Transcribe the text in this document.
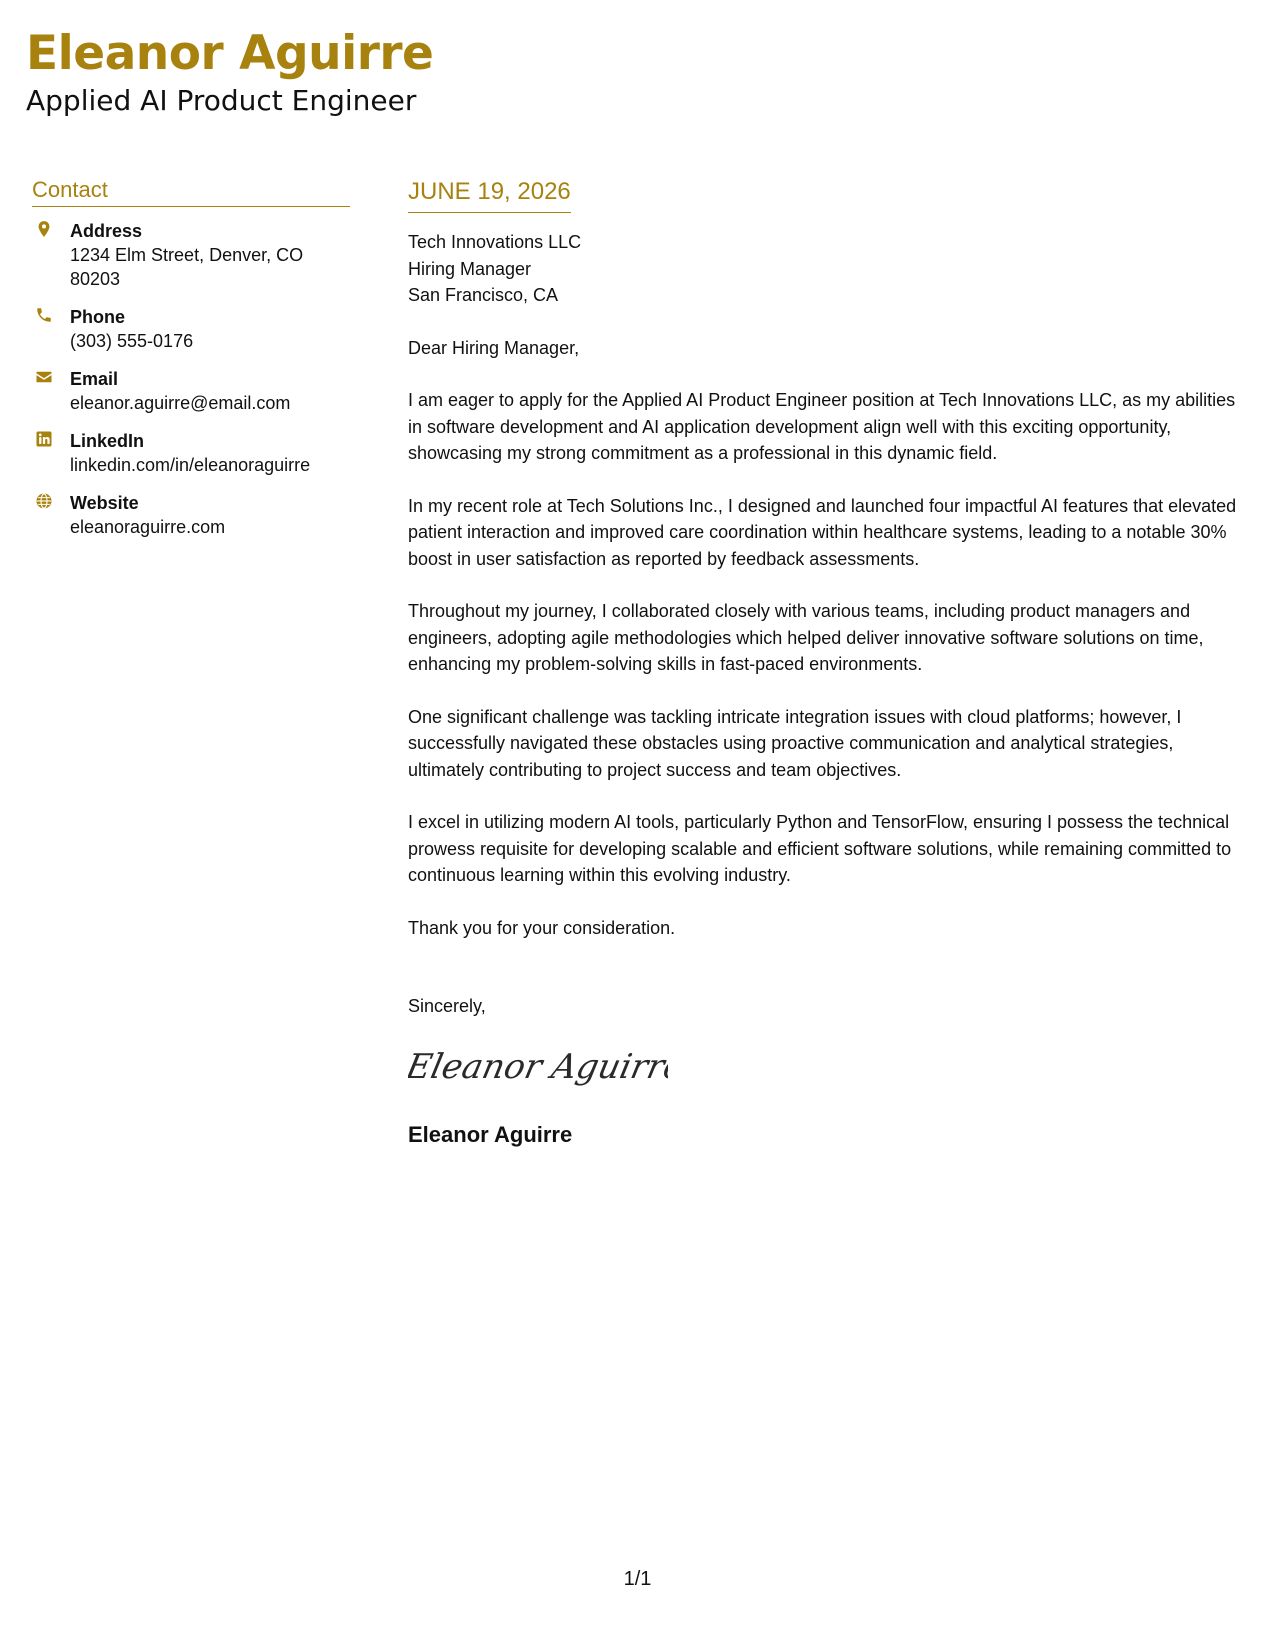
Eleanor Aguirre
Applied AI Product Engineer
Contact
Address
1234 Elm Street, Denver, CO 80203
Phone
(303) 555-0176
Email
eleanor.aguirre@email.com
LinkedIn
linkedin.com/in/eleanoraguirre
Website
eleanoraguirre.com
JUNE 19, 2026
Tech Innovations LLC
Hiring Manager
San Francisco, CA
Dear Hiring Manager,

I am eager to apply for the Applied AI Product Engineer position at Tech Innovations LLC, as my abilities in software development and AI application development align well with this exciting opportunity, showcasing my strong commitment as a professional in this dynamic field.

In my recent role at Tech Solutions Inc., I designed and launched four impactful AI features that elevated patient interaction and improved care coordination within healthcare systems, leading to a notable 30% boost in user satisfaction as reported by feedback assessments.

Throughout my journey, I collaborated closely with various teams, including product managers and engineers, adopting agile methodologies which helped deliver innovative software solutions on time, enhancing my problem-solving skills in fast-paced environments.

One significant challenge was tackling intricate integration issues with cloud platforms; however, I successfully navigated these obstacles using proactive communication and analytical strategies, ultimately contributing to project success and team objectives.

I excel in utilizing modern AI tools, particularly Python and TensorFlow, ensuring I possess the technical prowess requisite for developing scalable and efficient software solutions, while remaining committed to continuous learning within this evolving industry.

Thank you for your consideration.
Sincerely,
Eleanor Aguirre
Eleanor Aguirre
1/1
